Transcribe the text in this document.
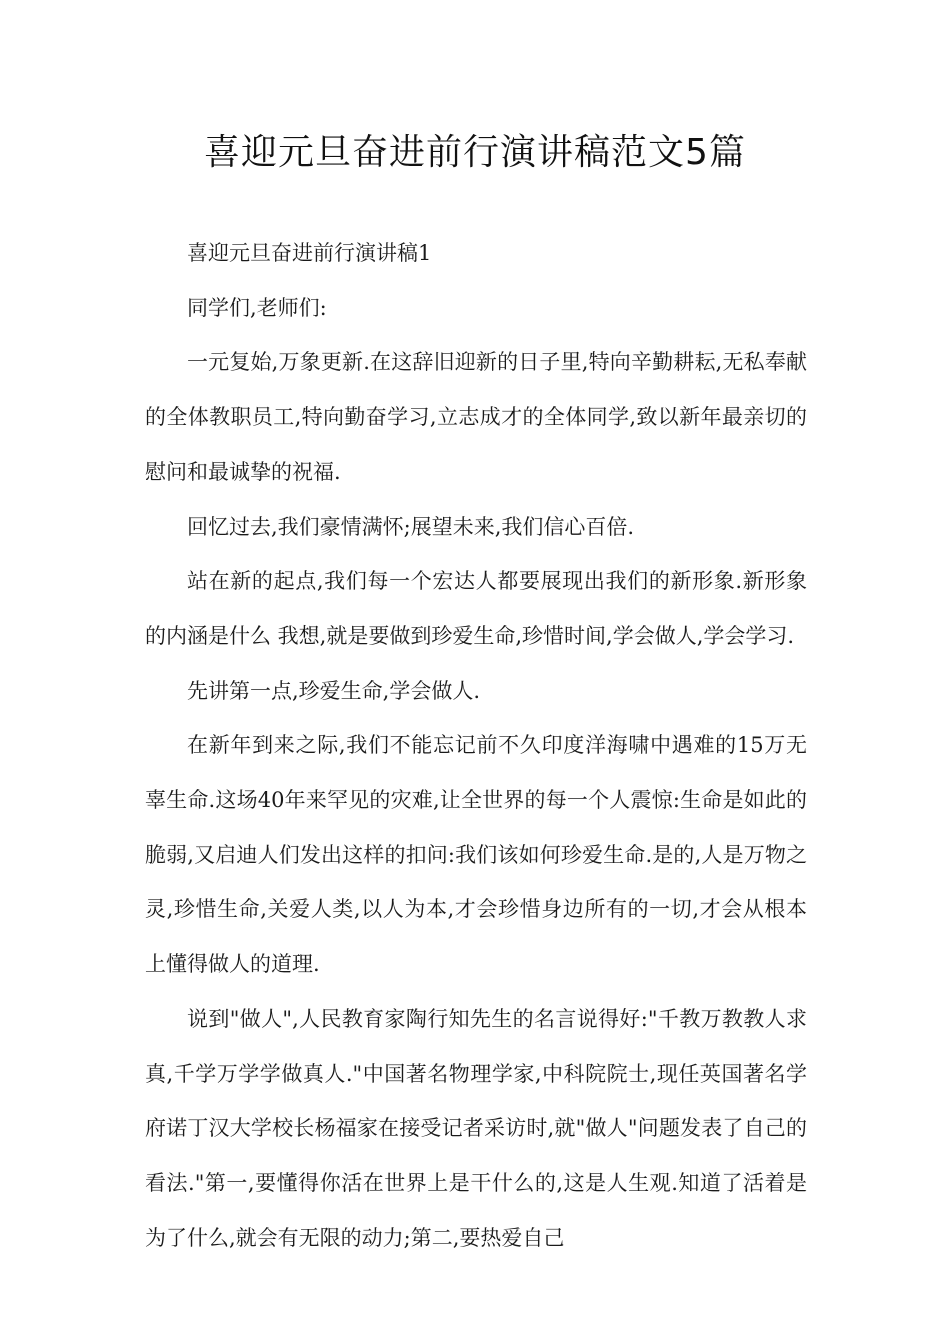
喜迎元旦奋进前行演讲稿范文5篇

喜迎元旦奋进前行演讲稿1

同学们,老师们:

一元复始,万象更新.在这辞旧迎新的日子里,特向辛勤耕耘,无私奉献的全体教职员工,特向勤奋学习,立志成才的全体同学,致以新年最亲切的慰问和最诚挚的祝福.

回忆过去,我们豪情满怀;展望未来,我们信心百倍.

站在新的起点,我们每一个宏达人都要展现出我们的新形象.新形象的内涵是什么 我想,就是要做到珍爱生命,珍惜时间,学会做人,学会学习.

先讲第一点,珍爱生命,学会做人.

在新年到来之际,我们不能忘记前不久印度洋海啸中遇难的15万无辜生命.这场40年来罕见的灾难,让全世界的每一个人震惊:生命是如此的脆弱,又启迪人们发出这样的扣问:我们该如何珍爱生命.是的,人是万物之灵,珍惜生命,关爱人类,以人为本,才会珍惜身边所有的一切,才会从根本上懂得做人的道理.

说到"做人",人民教育家陶行知先生的名言说得好:"千教万教教人求真,千学万学学做真人."中国著名物理学家,中科院院士,现任英国著名学府诺丁汉大学校长杨福家在接受记者采访时,就"做人"问题发表了自己的看法."第一,要懂得你活在世界上是干什么的,这是人生观.知道了活着是为了什么,就会有无限的动力;第二,要热爱自己
